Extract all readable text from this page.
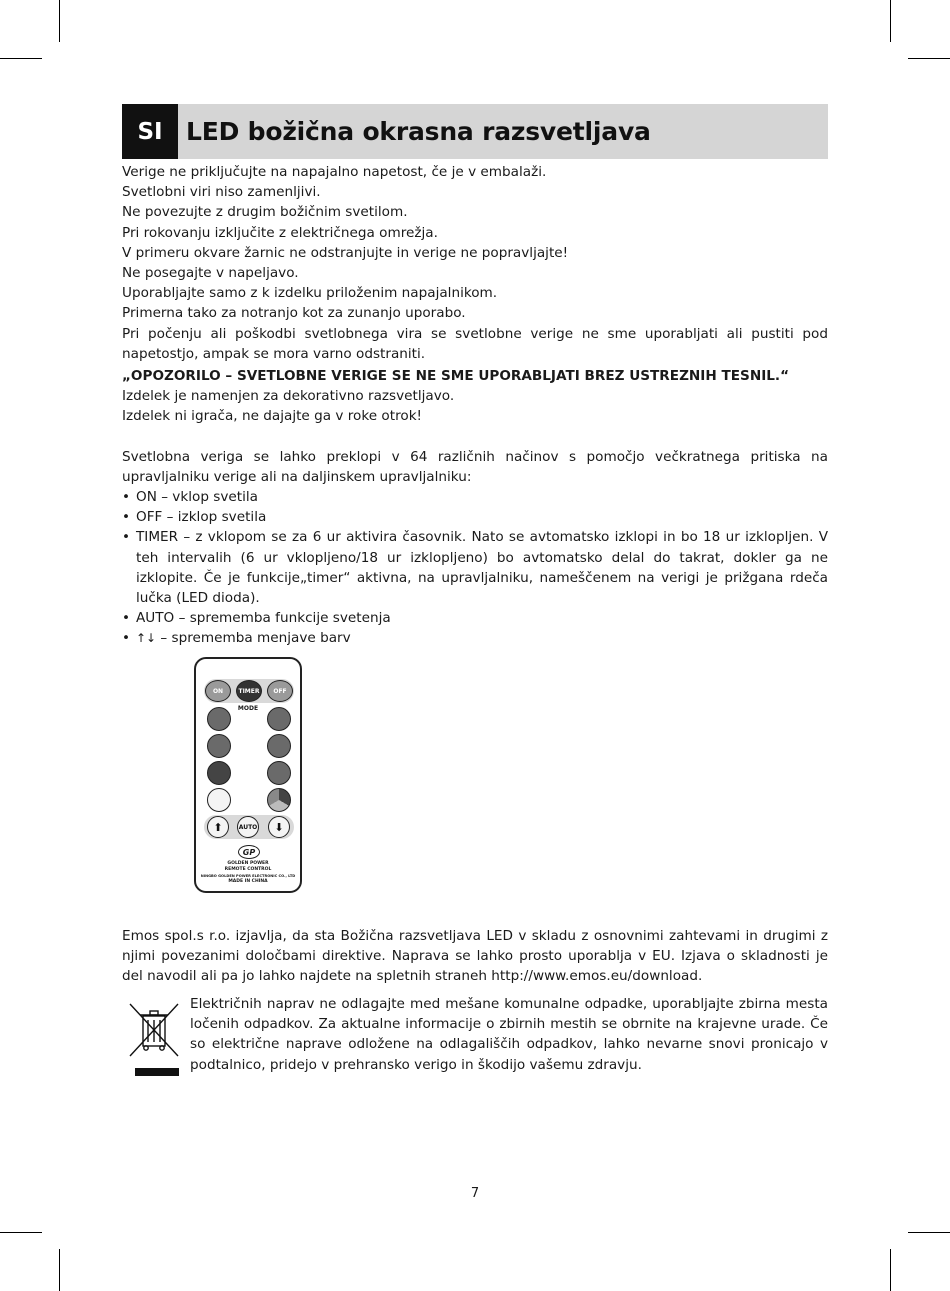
SI LED božična okrasna razsvetljava
Verige ne priključujte na napajalno napetost, če je v embalaži.
Svetlobni viri niso zamenljivi.
Ne povezujte z drugim božičnim svetilom.
Pri rokovanju izključite z električnega omrežja.
V primeru okvare žarnic ne odstranjujte in verige ne popravljajte!
Ne posegajte v napeljavo.
Uporabljajte samo z k izdelku priloženim napajalnikom.
Primerna tako za notranjo kot za zunanjo uporabo.
Pri počenju ali poškodbi svetlobnega vira se svetlobne verige ne sme uporabljati ali pustiti pod napetostjo, ampak se mora varno odstraniti.
„OPOZORILO – SVETLOBNE VERIGE SE NE SME UPORABLJATI BREZ USTREZNIH TESNIL.“
Izdelek je namenjen za dekorativno razsvetljavo.
Izdelek ni igrača, ne dajajte ga v roke otrok!
Svetlobna veriga se lahko preklopi v 64 različnih načinov s pomočjo večkratnega pritiska na upravljalniku verige ali na daljinskem upravljalniku:
• ON – vklop svetila
• OFF – izklop svetila
• TIMER – z vklopom se za 6 ur aktivira časovnik. Nato se avtomatsko izklopi in bo 18 ur izklopljen. V teh intervalih (6 ur vklopljeno/18 ur izklopljeno) bo avtomatsko delal do takrat, dokler ga ne izklopite. Če je funkcije„timer“ aktivna, na upravljalniku, nameščenem na verigi je prižgana rdeča lučka (LED dioda).
• AUTO – sprememba funkcije svetenja
• ↑↓ – sprememba menjave barv
ON	TIMER	OFF
MODE
⬆	AUTO	⬇
GP
GOLDEN POWER
REMOTE CONTROL
NINGBO GOLDEN POWER ELECTRONIC CO., LTD
MADE IN CHINA
Emos spol.s r.o. izjavlja, da sta Božična razsvetljava LED v skladu z osnovnimi zahtevami in drugimi z njimi povezanimi določbami direktive. Naprava se lahko prosto uporablja v EU. Izjava o skladnosti je del navodil ali pa jo lahko najdete na spletnih straneh http://www.emos.eu/download.
Električnih naprav ne odlagajte med mešane komunalne odpadke, uporabljajte zbirna mesta ločenih odpadkov. Za aktualne informacije o zbirnih mestih se obrnite na krajevne urade. Če so električne naprave odložene na odlagališčih odpadkov, lahko nevarne snovi pronicajo v podtalnico, pridejo v prehransko verigo in škodijo vašemu zdravju.
7
